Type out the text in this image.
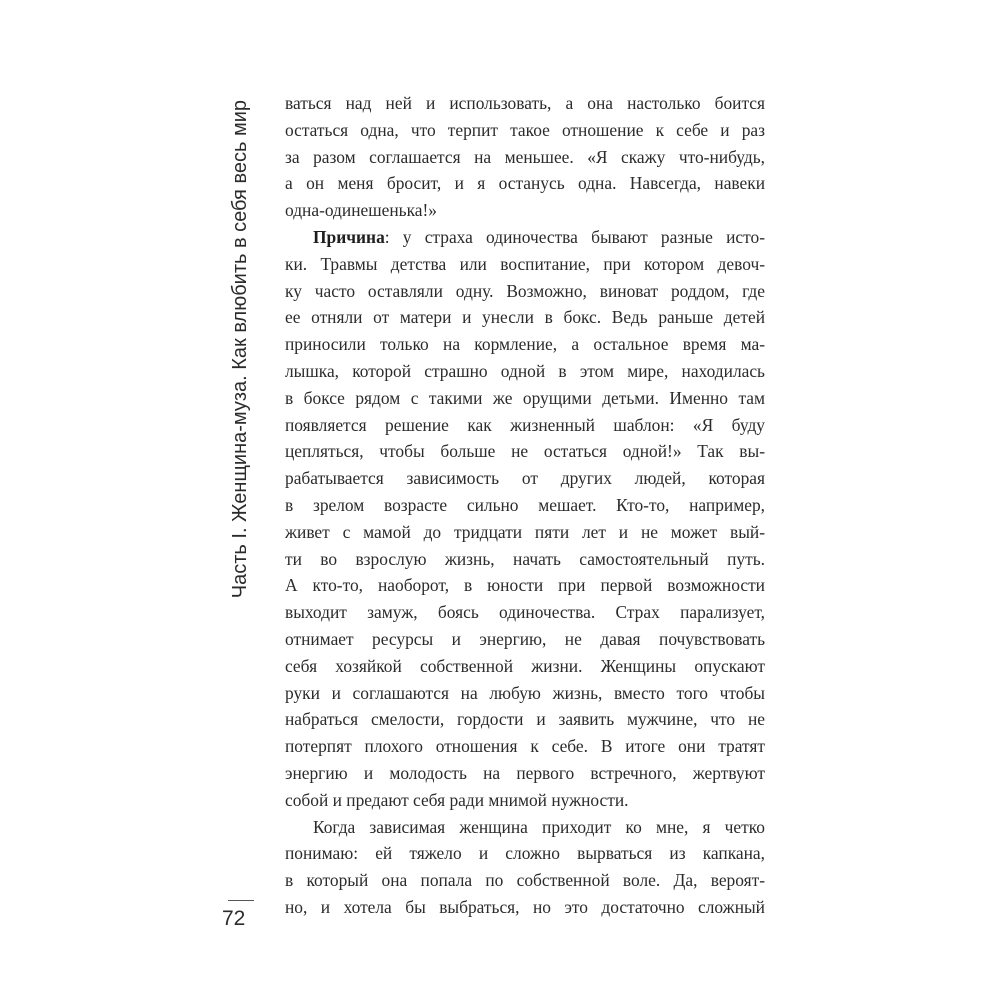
Часть I. Женщина-муза. Как влюбить в себя весь мир
72
ваться над ней и использовать, а она настолько боится
остаться одна, что терпит такое отношение к себе и раз
за разом соглашается на меньшее. «Я скажу что-нибудь,
а он меня бросит, и я останусь одна. Навсегда, навеки
одна-одинешенька!»
Причина: у страха одиночества бывают разные исто-
ки. Травмы детства или воспитание, при котором девоч-
ку часто оставляли одну. Возможно, виноват роддом, где
ее отняли от матери и унесли в бокс. Ведь раньше детей
приносили только на кормление, а остальное время ма-
лышка, которой страшно одной в этом мире, находилась
в боксе рядом с такими же орущими детьми. Именно там
появляется решение как жизненный шаблон: «Я буду
цепляться, чтобы больше не остаться одной!» Так вы-
рабатывается зависимость от других людей, которая
в зрелом возрасте сильно мешает. Кто-то, например,
живет с мамой до тридцати пяти лет и не может вый-
ти во взрослую жизнь, начать самостоятельный путь.
А кто-то, наоборот, в юности при первой возможности
выходит замуж, боясь одиночества. Страх парализует,
отнимает ресурсы и энергию, не давая почувствовать
себя хозяйкой собственной жизни. Женщины опускают
руки и соглашаются на любую жизнь, вместо того чтобы
набраться смелости, гордости и заявить мужчине, что не
потерпят плохого отношения к себе. В итоге они тратят
энергию и молодость на первого встречного, жертвуют
собой и предают себя ради мнимой нужности.
Когда зависимая женщина приходит ко мне, я четко
понимаю: ей тяжело и сложно вырваться из капкана,
в который она попала по собственной воле. Да, вероят-
но, и хотела бы выбраться, но это достаточно сложный
